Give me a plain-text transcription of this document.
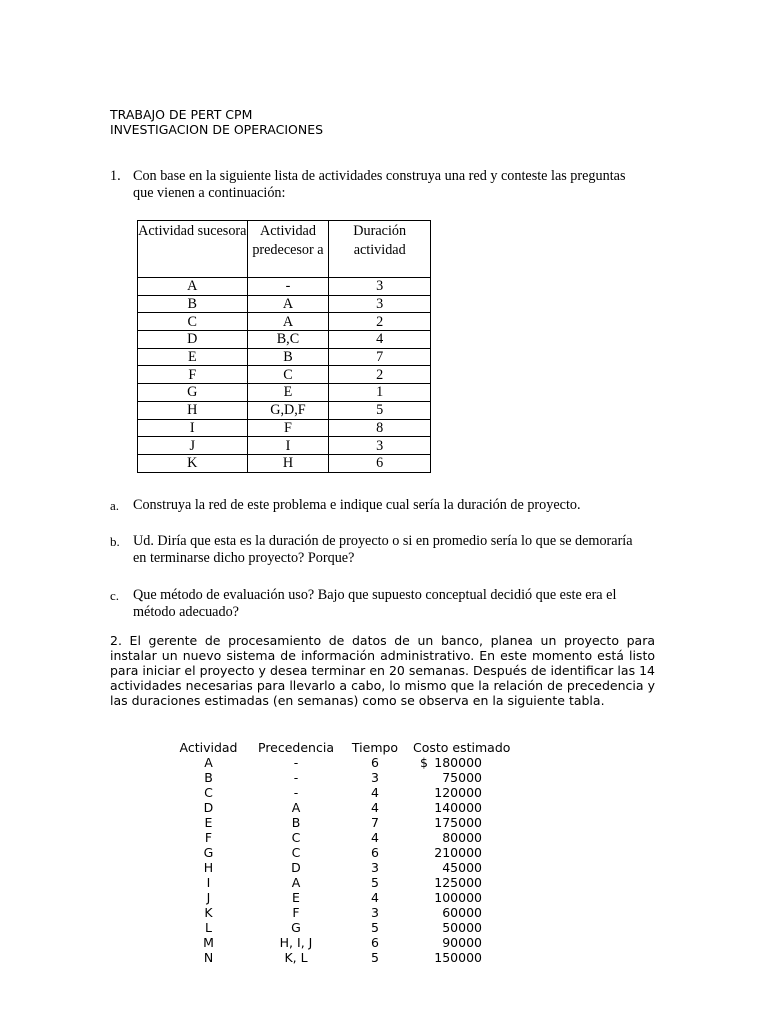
TRABAJO DE PERT CPM
INVESTIGACION DE OPERACIONES
1. Con base en la siguiente lista de actividades construya una red y conteste las preguntas que vienen a continuación:
Actividad sucesora	Actividad predecesor a	Duración actividad
A	-	3
B	A	3
C	A	2
D	B,C	4
E	B	7
F	C	2
G	E	1
H	G,D,F	5
I	F	8
J	I	3
K	H	6
a. Construya la red de este problema e indique cual sería la duración de proyecto.
b. Ud. Diría que esta es la duración de proyecto o si en promedio sería lo que se demoraría en terminarse dicho proyecto? Porque?
c. Que método de evaluación uso? Bajo que supuesto conceptual decidió que este era el método adecuado?
2. El gerente de procesamiento de datos de un banco, planea un proyecto para instalar un nuevo sistema de información administrativo. En este momento está listo para iniciar el proyecto y desea terminar en 20 semanas. Después de identificar las 14 actividades necesarias para llevarlo a cabo, lo mismo que la relación de precedencia y las duraciones estimadas (en semanas) como se observa en la siguiente tabla.
Actividad	Precedencia	Tiempo	Costo estimado
A	-	6	$ 180000
B	-	3	75000
C	-	4	120000
D	A	4	140000
E	B	7	175000
F	C	4	80000
G	C	6	210000
H	D	3	45000
I	A	5	125000
J	E	4	100000
K	F	3	60000
L	G	5	50000
M	H, I, J	6	90000
N	K, L	5	150000
